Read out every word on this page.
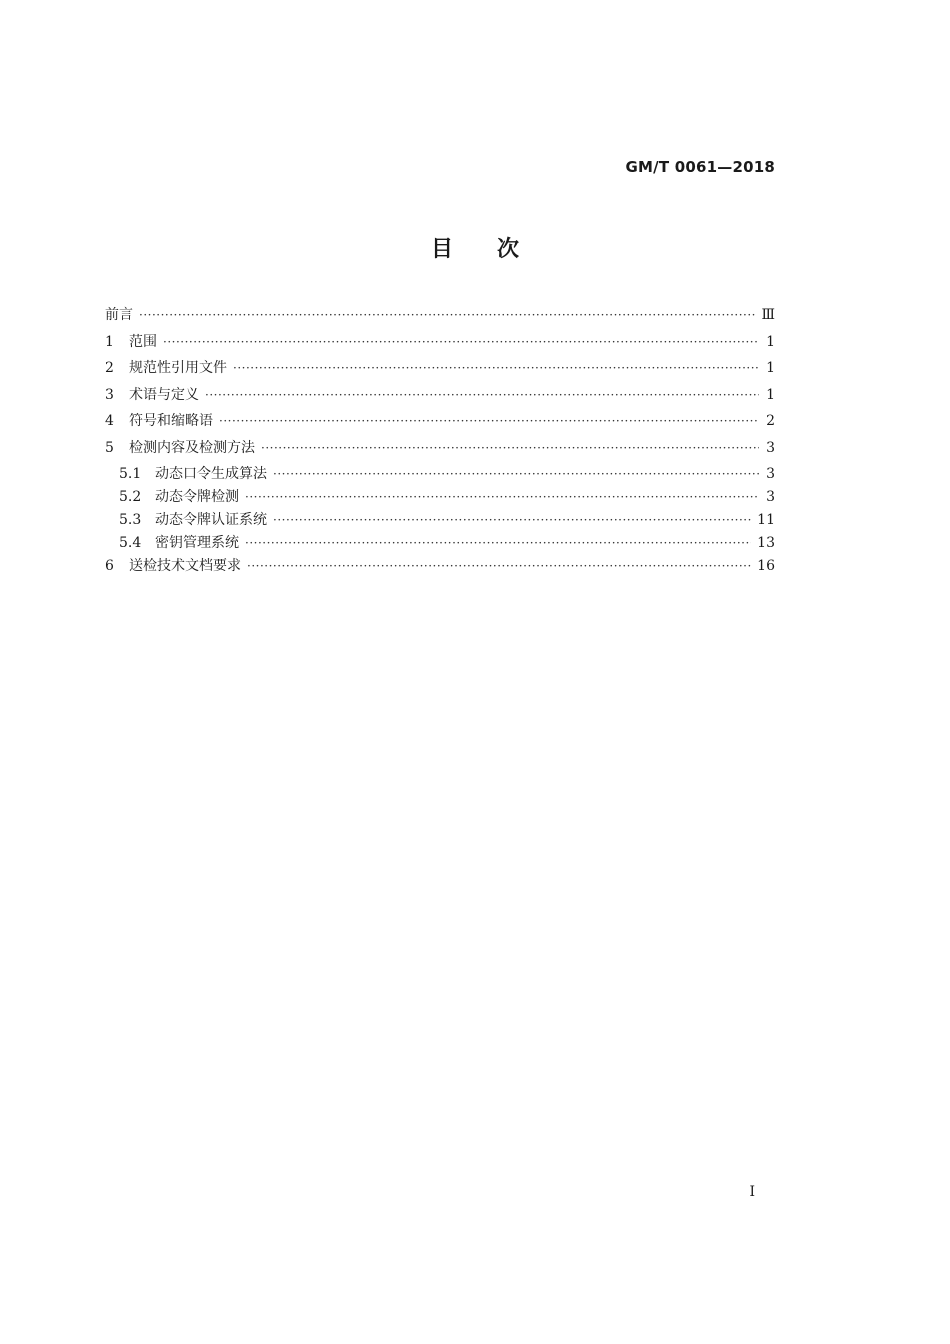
GM/T 0061—2018
目 次
前言 ·····	Ⅲ
1	范围 ·····	1
2	规范性引用文件 ·····	1
3	术语与定义 ·····	1
4	符号和缩略语 ·····	2
5	检测内容及检测方法 ·····	3
5.1 动态口令生成算法 ·····	3
5.2 动态令牌检测 ·····	3
5.3 动态令牌认证系统 ·····	11
5.4 密钥管理系统 ·····	13
6	送检技术文档要求 ·····	16
I
